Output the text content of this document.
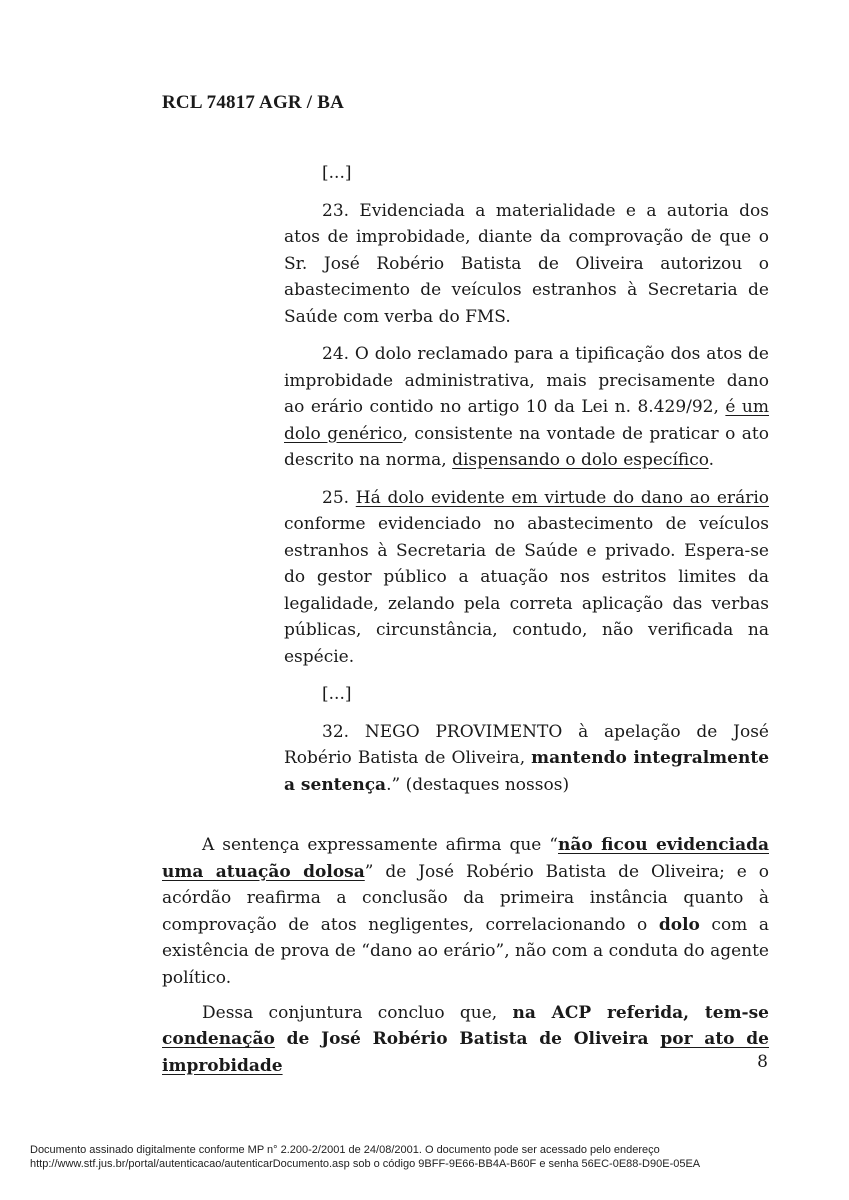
RCL 74817 AGR / BA

[...]

23. Evidenciada a materialidade e a autoria dos atos de improbidade, diante da comprovação de que o Sr. José Robério Batista de Oliveira autorizou o abastecimento de veículos estranhos à Secretaria de Saúde com verba do FMS.

24. O dolo reclamado para a tipificação dos atos de improbidade administrativa, mais precisamente dano ao erário contido no artigo 10 da Lei n. 8.429/92, é um dolo genérico, consistente na vontade de praticar o ato descrito na norma, dispensando o dolo específico.

25. Há dolo evidente em virtude do dano ao erário conforme evidenciado no abastecimento de veículos estranhos à Secretaria de Saúde e privado. Espera-se do gestor público a atuação nos estritos limites da legalidade, zelando pela correta aplicação das verbas públicas, circunstância, contudo, não verificada na espécie.

[...]

32. NEGO PROVIMENTO à apelação de José Robério Batista de Oliveira, mantendo integralmente a sentença.” (destaques nossos)

A sentença expressamente afirma que “não ficou evidenciada uma atuação dolosa” de José Robério Batista de Oliveira; e o acórdão reafirma a conclusão da primeira instância quanto à comprovação de atos negligentes, correlacionando o dolo com a existência de prova de “dano ao erário”, não com a conduta do agente político.

Dessa conjuntura concluo que, na ACP referida, tem-se condenação de José Robério Batista de Oliveira por ato de improbidade	8
Documento assinado digitalmente conforme MP n° 2.200-2/2001 de 24/08/2001. O documento pode ser acessado pelo endereço
http://www.stf.jus.br/portal/autenticacao/autenticarDocumento.asp sob o código 9BFF-9E66-BB4A-B60F e senha 56EC-0E88-D90E-05EA
